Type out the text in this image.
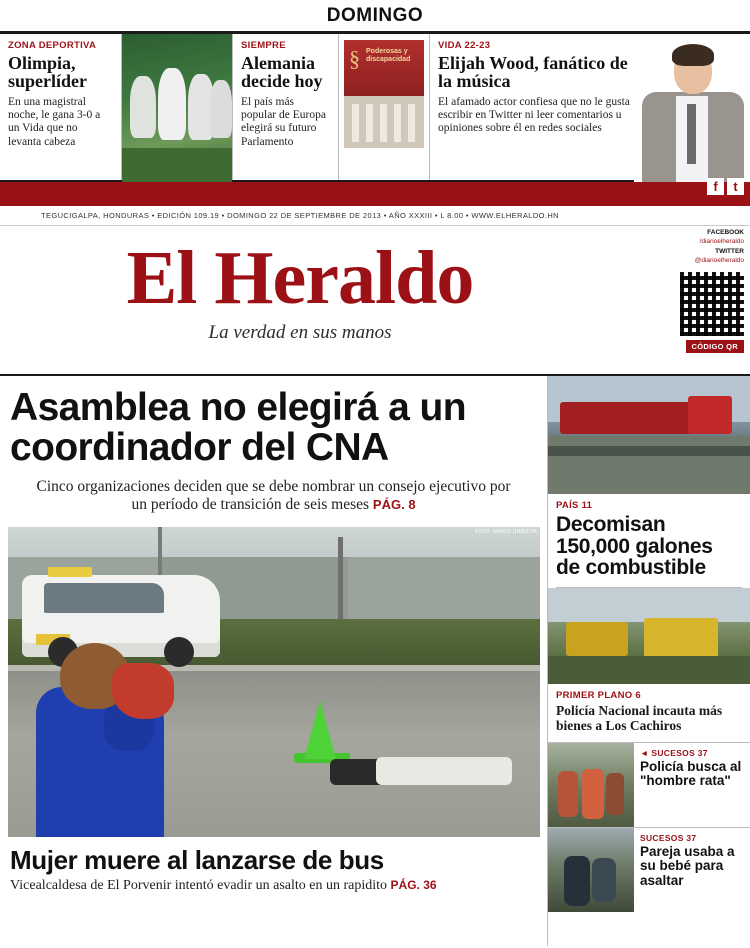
DOMINGO
ZONA DEPORTIVA
Olimpia, superlíder

En una magistral noche, le gana 3-0 a un Vida que no levanta cabeza

SIEMPRE
Alemania decide hoy

El país más popular de Europa elegirá su futuro Parlamento

§ Poderosas y discapacidad
VIDA 22-23
Elijah Wood, fanático de la música

El afamado actor confiesa que no le gusta escribir en Twitter ni leer comentarios u opiniones sobre él en redes sociales

f	t
TEGUCIGALPA, HONDURAS • EDICIÓN 109.19 • DOMINGO 22 DE SEPTIEMBRE DE 2013 • AÑO XXXIII • L 8.00 • WWW.ELHERALDO.HN
El Heraldo
La verdad en sus manos
FACEBOOK
/diarioelheraldo
TWITTER
@diarioelheraldo
CÓDIGO QR
Asamblea no elegirá a un coordinador del CNA
Cinco organizaciones deciden que se debe nombrar un consejo ejecutivo por un período de transición de seis meses PÁG. 8
FOTO: MARIO URRUTIA
Mujer muere al lanzarse de bus

Vicealcaldesa de El Porvenir intentó evadir un asalto en un rapidito PÁG. 36

PAÍS 11
Decomisan 150,000 galones de combustible
PRIMER PLANO 6
Policía Nacional incauta más bienes a Los Cachiros
◄ SUCESOS 37
Policía busca al "hombre rata"
SUCESOS 37
Pareja usaba a su bebé para asaltar
